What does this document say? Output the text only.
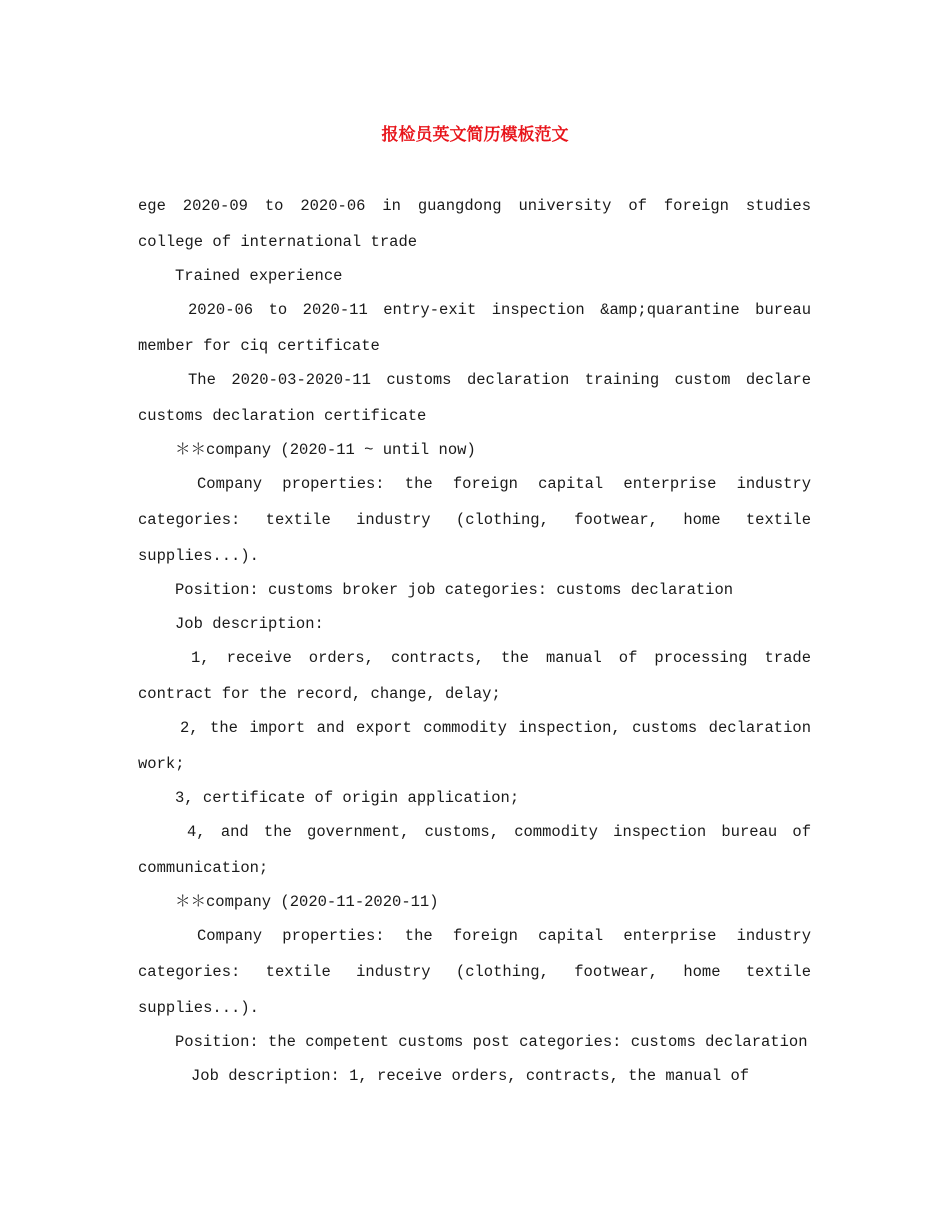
报检员英文简历模板范文

ege 2020-09 to 2020-06 in guangdong university of foreign studies college of international trade

Trained experience

2020-06 to 2020-11 entry-exit inspection &amp;quarantine bureau member for ciq certificate

The 2020-03-2020-11 customs declaration training custom declare customs declaration certificate

＊＊company (2020-11 ~ until now)

Company properties: the foreign capital enterprise industry categories: textile industry (clothing, footwear, home textile supplies...).

Position: customs broker job categories: customs declaration

Job description:

1, receive orders, contracts, the manual of processing trade contract for the record, change, delay;

2, the import and export commodity inspection, customs declaration work;

3, certificate of origin application;

4, and the government, customs, commodity inspection bureau of communication;

＊＊company (2020-11-2020-11)

Company properties: the foreign capital enterprise industry categories: textile industry (clothing, footwear, home textile supplies...).

Position: the competent customs post categories: customs declaration

Job description: 1, receive orders, contracts, the manual of
